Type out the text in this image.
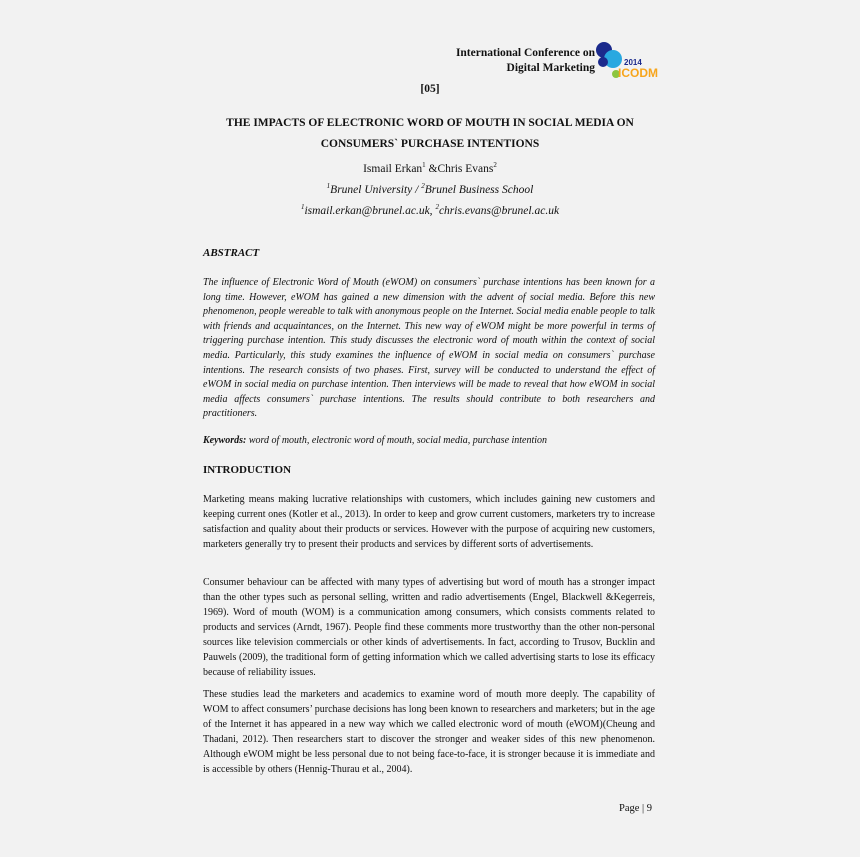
International Conference on
Digital Marketing	2014
ICODM
[05]
THE IMPACTS OF ELECTRONIC WORD OF MOUTH IN SOCIAL MEDIA ON
CONSUMERS` PURCHASE INTENTIONS
Ismail Erkan$^1$ &Chris Evans$^2$
$^1$Brunel University / $^2$Brunel Business School
$^1$ismail.erkan@brunel.ac.uk, $^2$chris.evans@brunel.ac.uk
ABSTRACT
The influence of Electronic Word of Mouth (eWOM) on consumers` purchase intentions has been known for a long time. However, eWOM has gained a new dimension with the advent of social media. Before this new phenomenon, people wereable to talk with anonymous people on the Internet. Social media enable people to talk with friends and acquaintances, on the Internet. This new way of eWOM might be more powerful in terms of triggering purchase intention. This study discusses the electronic word of mouth within the context of social media. Particularly, this study examines the influence of eWOM in social media on consumers` purchase intentions. The research consists of two phases. First, survey will be conducted to understand the effect of eWOM in social media on purchase intention. Then interviews will be made to reveal that how eWOM in social media affects consumers` purchase intentions. The results should contribute to both researchers and practitioners.
Keywords: word of mouth, electronic word of mouth, social media, purchase intention
INTRODUCTION
Marketing means making lucrative relationships with customers, which includes gaining new customers and keeping current ones (Kotler et al., 2013). In order to keep and grow current customers, marketers try to increase satisfaction and quality about their products or services. However with the purpose of acquiring new customers, marketers generally try to present their products and services by different sorts of advertisements.
Consumer behaviour can be affected with many types of advertising but word of mouth has a stronger impact than the other types such as personal selling, written and radio advertisements (Engel, Blackwell &Kegerreis, 1969). Word of mouth (WOM) is a communication among consumers, which consists comments related to products and services (Arndt, 1967). People find these comments more trustworthy than the other non-personal sources like television commercials or other kinds of advertisements. In fact, according to Trusov, Bucklin and Pauwels (2009), the traditional form of getting information which we called advertising starts to lose its efficacy because of reliability issues.
These studies lead the marketers and academics to examine word of mouth more deeply. The capability of WOM to affect consumers’ purchase decisions has long been known to researchers and marketers; but in the age of the Internet it has appeared in a new way which we called electronic word of mouth (eWOM)(Cheung and Thadani, 2012). Then researchers start to discover the stronger and weaker sides of this new phenomenon. Although eWOM might be less personal due to not being face-to-face, it is stronger because it is immediate and is accessible by others (Hennig-Thurau et al., 2004).
Page | 9
